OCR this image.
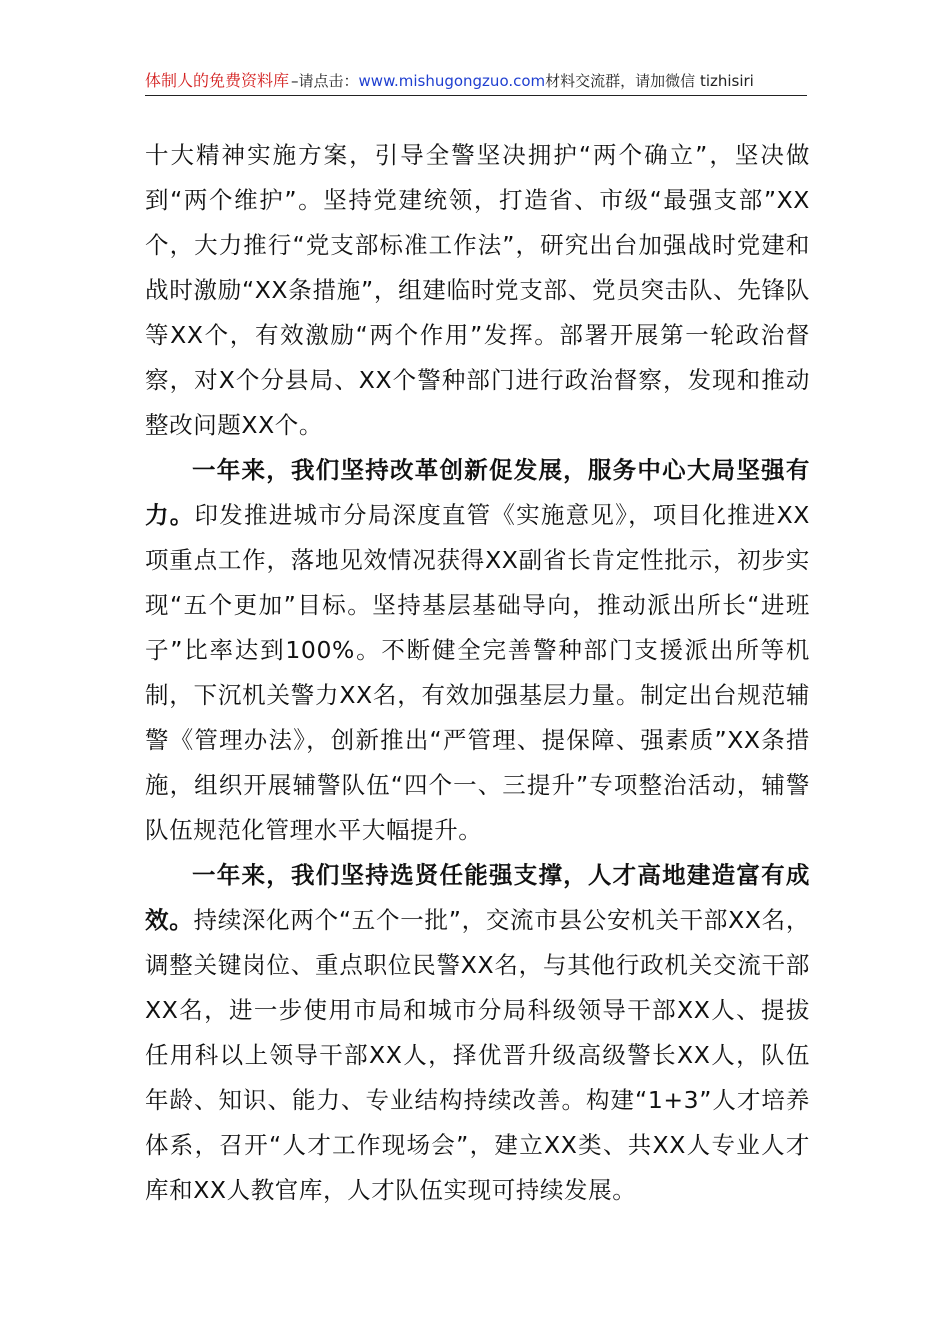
体制人的免费资料库 –请点击： www.mishugongzuo.com 材料交流群，请加微信 tizhisiri

十大精神实施方案，引导全警坚决拥护“两个确立”，坚决做到“两个维护”。坚持党建统领，打造省、市级“最强支部”XX个，大力推行“党支部标准工作法”，研究出台加强战时党建和战时激励“XX条措施”，组建临时党支部、党员突击队、先锋队等XX个，有效激励“两个作用”发挥。部署开展第一轮政治督察，对X个分县局、XX个警种部门进行政治督察，发现和推动整改问题XX个。

一年来，我们坚持改革创新促发展，服务中心大局坚强有力。印发推进城市分局深度直管《实施意见》，项目化推进XX项重点工作，落地见效情况获得XX副省长肯定性批示，初步实现“五个更加”目标。坚持基层基础导向，推动派出所长“进班子”比率达到100%。不断健全完善警种部门支援派出所等机制，下沉机关警力XX名，有效加强基层力量。制定出台规范辅警《管理办法》，创新推出“严管理、提保障、强素质”XX条措施，组织开展辅警队伍“四个一、三提升”专项整治活动，辅警队伍规范化管理水平大幅提升。

一年来，我们坚持选贤任能强支撑，人才高地建造富有成效。持续深化两个“五个一批”，交流市县公安机关干部XX名，调整关键岗位、重点职位民警XX名，与其他行政机关交流干部XX名，进一步使用市局和城市分局科级领导干部XX人、提拔任用科以上领导干部XX人，择优晋升级高级警长XX人，队伍年龄、知识、能力、专业结构持续改善。构建“1+3”人才培养体系，召开“人才工作现场会”，建立XX类、共XX人专业人才库和XX人教官库，人才队伍实现可持续发展。
